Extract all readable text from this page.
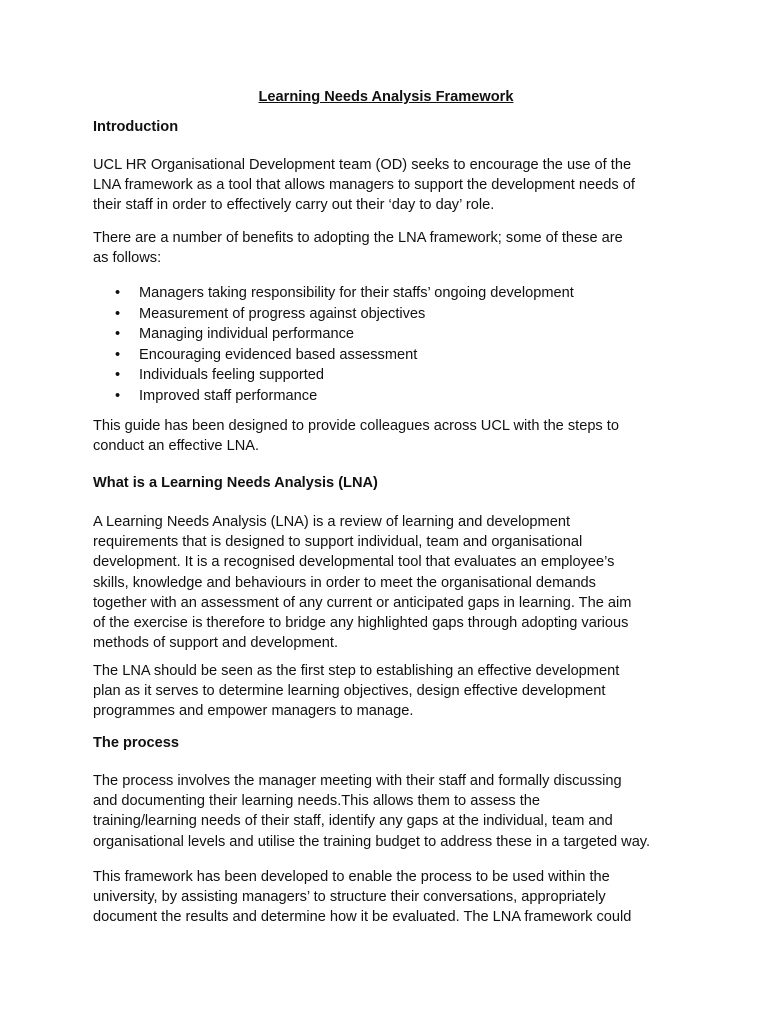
Learning Needs Analysis Framework

Introduction

UCL HR Organisational Development team (OD) seeks to encourage the use of the
LNA framework as a tool that allows managers to support the development needs of
their staff in order to effectively carry out their ‘day to day’ role.

There are a number of benefits to adopting the LNA framework; some of these are
as follows:

• Managers taking responsibility for their staffs’ ongoing development
• Measurement of progress against objectives
• Managing individual performance
• Encouraging evidenced based assessment
• Individuals feeling supported
• Improved staff performance

This guide has been designed to provide colleagues across UCL with the steps to
conduct an effective LNA.

What is a Learning Needs Analysis (LNA)

A Learning Needs Analysis (LNA) is a review of learning and development
requirements that is designed to support individual, team and organisational
development. It is a recognised developmental tool that evaluates an employee’s
skills, knowledge and behaviours in order to meet the organisational demands
together with an assessment of any current or anticipated gaps in learning. The aim
of the exercise is therefore to bridge any highlighted gaps through adopting various
methods of support and development.

The LNA should be seen as the first step to establishing an effective development
plan as it serves to determine learning objectives, design effective development
programmes and empower managers to manage.

The process

The process involves the manager meeting with their staff and formally discussing
and documenting their learning needs.This allows them to assess the
training/learning needs of their staff, identify any gaps at the individual, team and
organisational levels and utilise the training budget to address these in a targeted way.

This framework has been developed to enable the process to be used within the
university, by assisting managers’ to structure their conversations, appropriately
document the results and determine how it be evaluated. The LNA framework could
